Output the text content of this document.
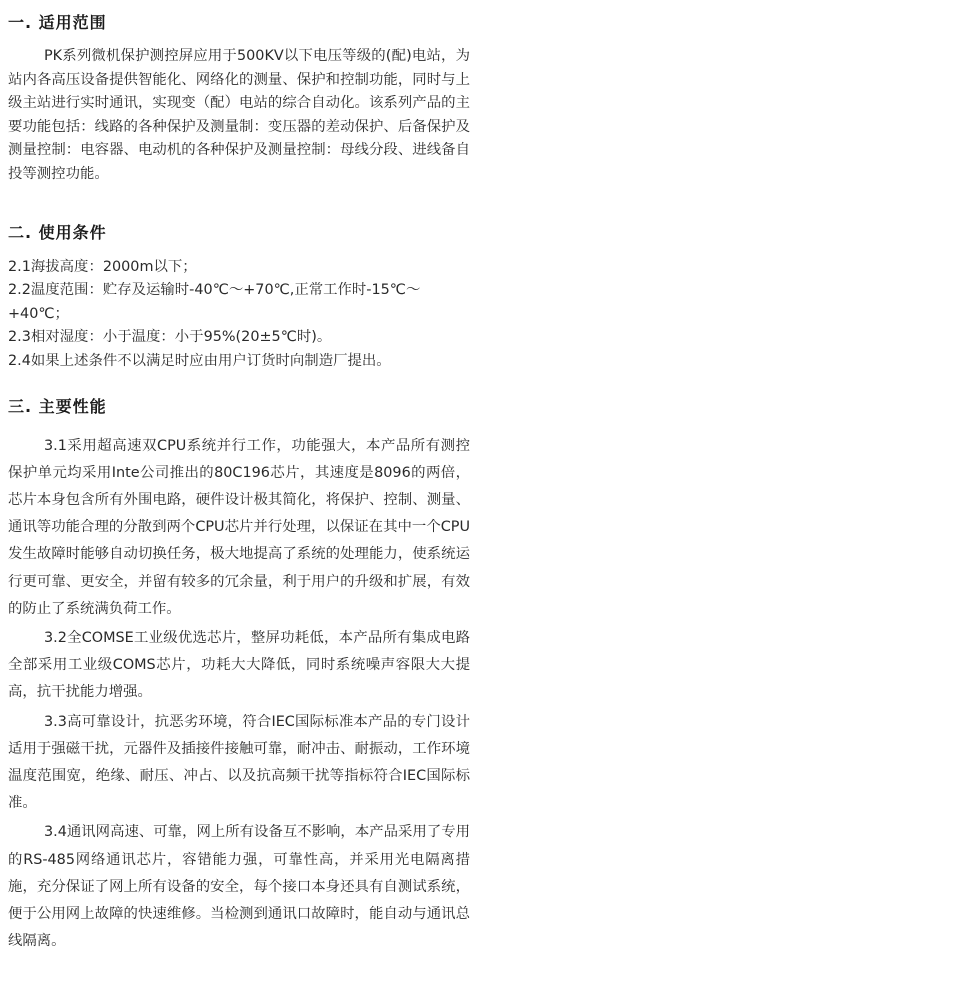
一. 适用范围

PK系列微机保护测控屏应用于500KV以下电压等级的(配)电站，为站内各高压设备提供智能化、网络化的测量、保护和控制功能，同时与上级主站进行实时通讯，实现变（配）电站的综合自动化。该系列产品的主要功能包括：线路的各种保护及测量制：变压器的差动保护、后备保护及测量控制：电容器、电动机的各种保护及测量控制：母线分段、进线备自投等测控功能。

二. 使用条件

2.1海拔高度：2000m以下；

2.2温度范围：贮存及运输时-40℃～+70℃,正常工作时-15℃～

+40℃；

2.3相对湿度：小于温度：小于95%(20±5℃时)。

2.4如果上述条件不以满足时应由用户订货时向制造厂提出。

三. 主要性能

3.1采用超高速双CPU系统并行工作，功能强大，本产品所有测控保护单元均采用Inte公司推出的80C196芯片，其速度是8096的两倍，芯片本身包含所有外围电路，硬件设计极其简化，将保护、控制、测量、通讯等功能合理的分散到两个CPU芯片并行处理，以保证在其中一个CPU发生故障时能够自动切换任务，极大地提高了系统的处理能力，使系统运行更可靠、更安全，并留有较多的冗余量，利于用户的升级和扩展，有效的防止了系统满负荷工作。

3.2全COMSE工业级优选芯片，整屏功耗低，本产品所有集成电路全部采用工业级COMS芯片，功耗大大降低，同时系统噪声容限大大提高，抗干扰能力增强。

3.3高可靠设计，抗恶劣环境，符合IEC国际标准本产品的专门设计适用于强磁干扰，元器件及插接件接触可靠，耐冲击、耐振动，工作环境温度范围宽，绝缘、耐压、冲占、以及抗高频干扰等指标符合IEC国际标准。

3.4通讯网高速、可靠，网上所有设备互不影响，本产品采用了专用的RS-485网络通讯芯片，容错能力强，可靠性高，并采用光电隔离措施，充分保证了网上所有设备的安全，每个接口本身还具有自测试系统，便于公用网上故障的快速维修。当检测到通讯口故障时，能自动与通讯总线隔离。
